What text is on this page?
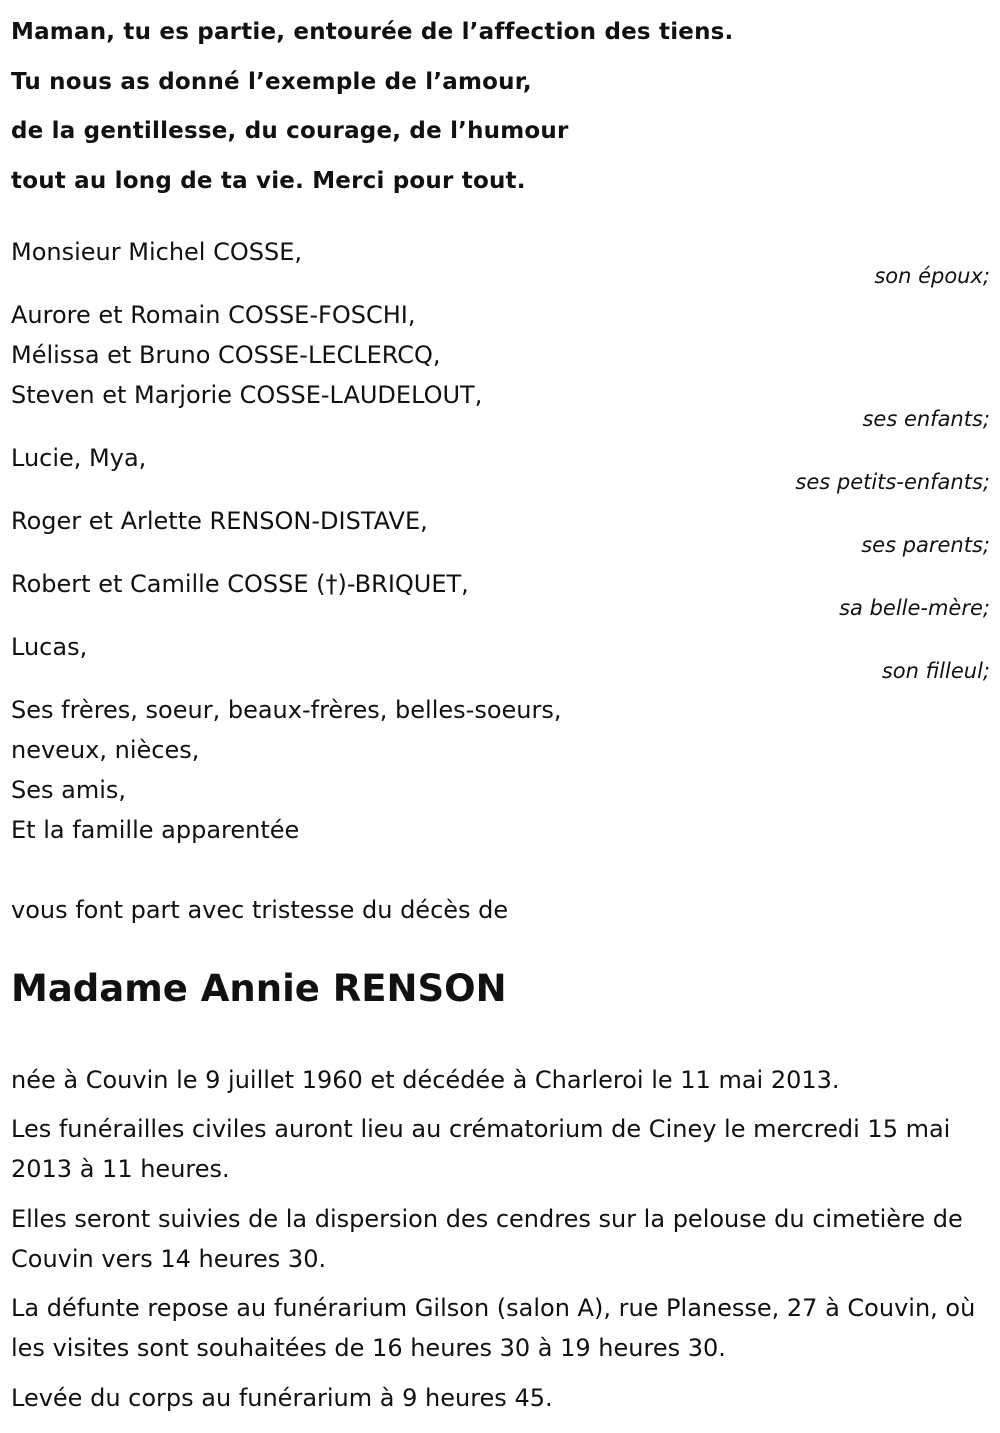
Maman, tu es partie, entourée de l’affection des tiens.
Tu nous as donné l’exemple de l’amour,
de la gentillesse, du courage, de l’humour
tout au long de ta vie. Merci pour tout.
Monsieur Michel COSSE,
son époux;
Aurore et Romain COSSE-FOSCHI,
Mélissa et Bruno COSSE-LECLERCQ,
Steven et Marjorie COSSE-LAUDELOUT,
ses enfants;
Lucie, Mya,
ses petits-enfants;
Roger et Arlette RENSON-DISTAVE,
ses parents;
Robert et Camille COSSE (†)-BRIQUET,
sa belle-mère;
Lucas,
son filleul;
Ses frères, soeur, beaux-frères, belles-soeurs,
neveux, nièces,
Ses amis,
Et la famille apparentée
vous font part avec tristesse du décès de
Madame Annie RENSON
née à Couvin le 9 juillet 1960 et décédée à Charleroi le 11 mai 2013.
Les funérailles civiles auront lieu au crématorium de Ciney le mercredi 15 mai 2013 à 11 heures.
Elles seront suivies de la dispersion des cendres sur la pelouse du cimetière de Couvin vers 14 heures 30.
La défunte repose au funérarium Gilson (salon A), rue Planesse, 27 à Couvin, où les visites sont souhaitées de 16 heures 30 à 19 heures 30.
Levée du corps au funérarium à 9 heures 45.
